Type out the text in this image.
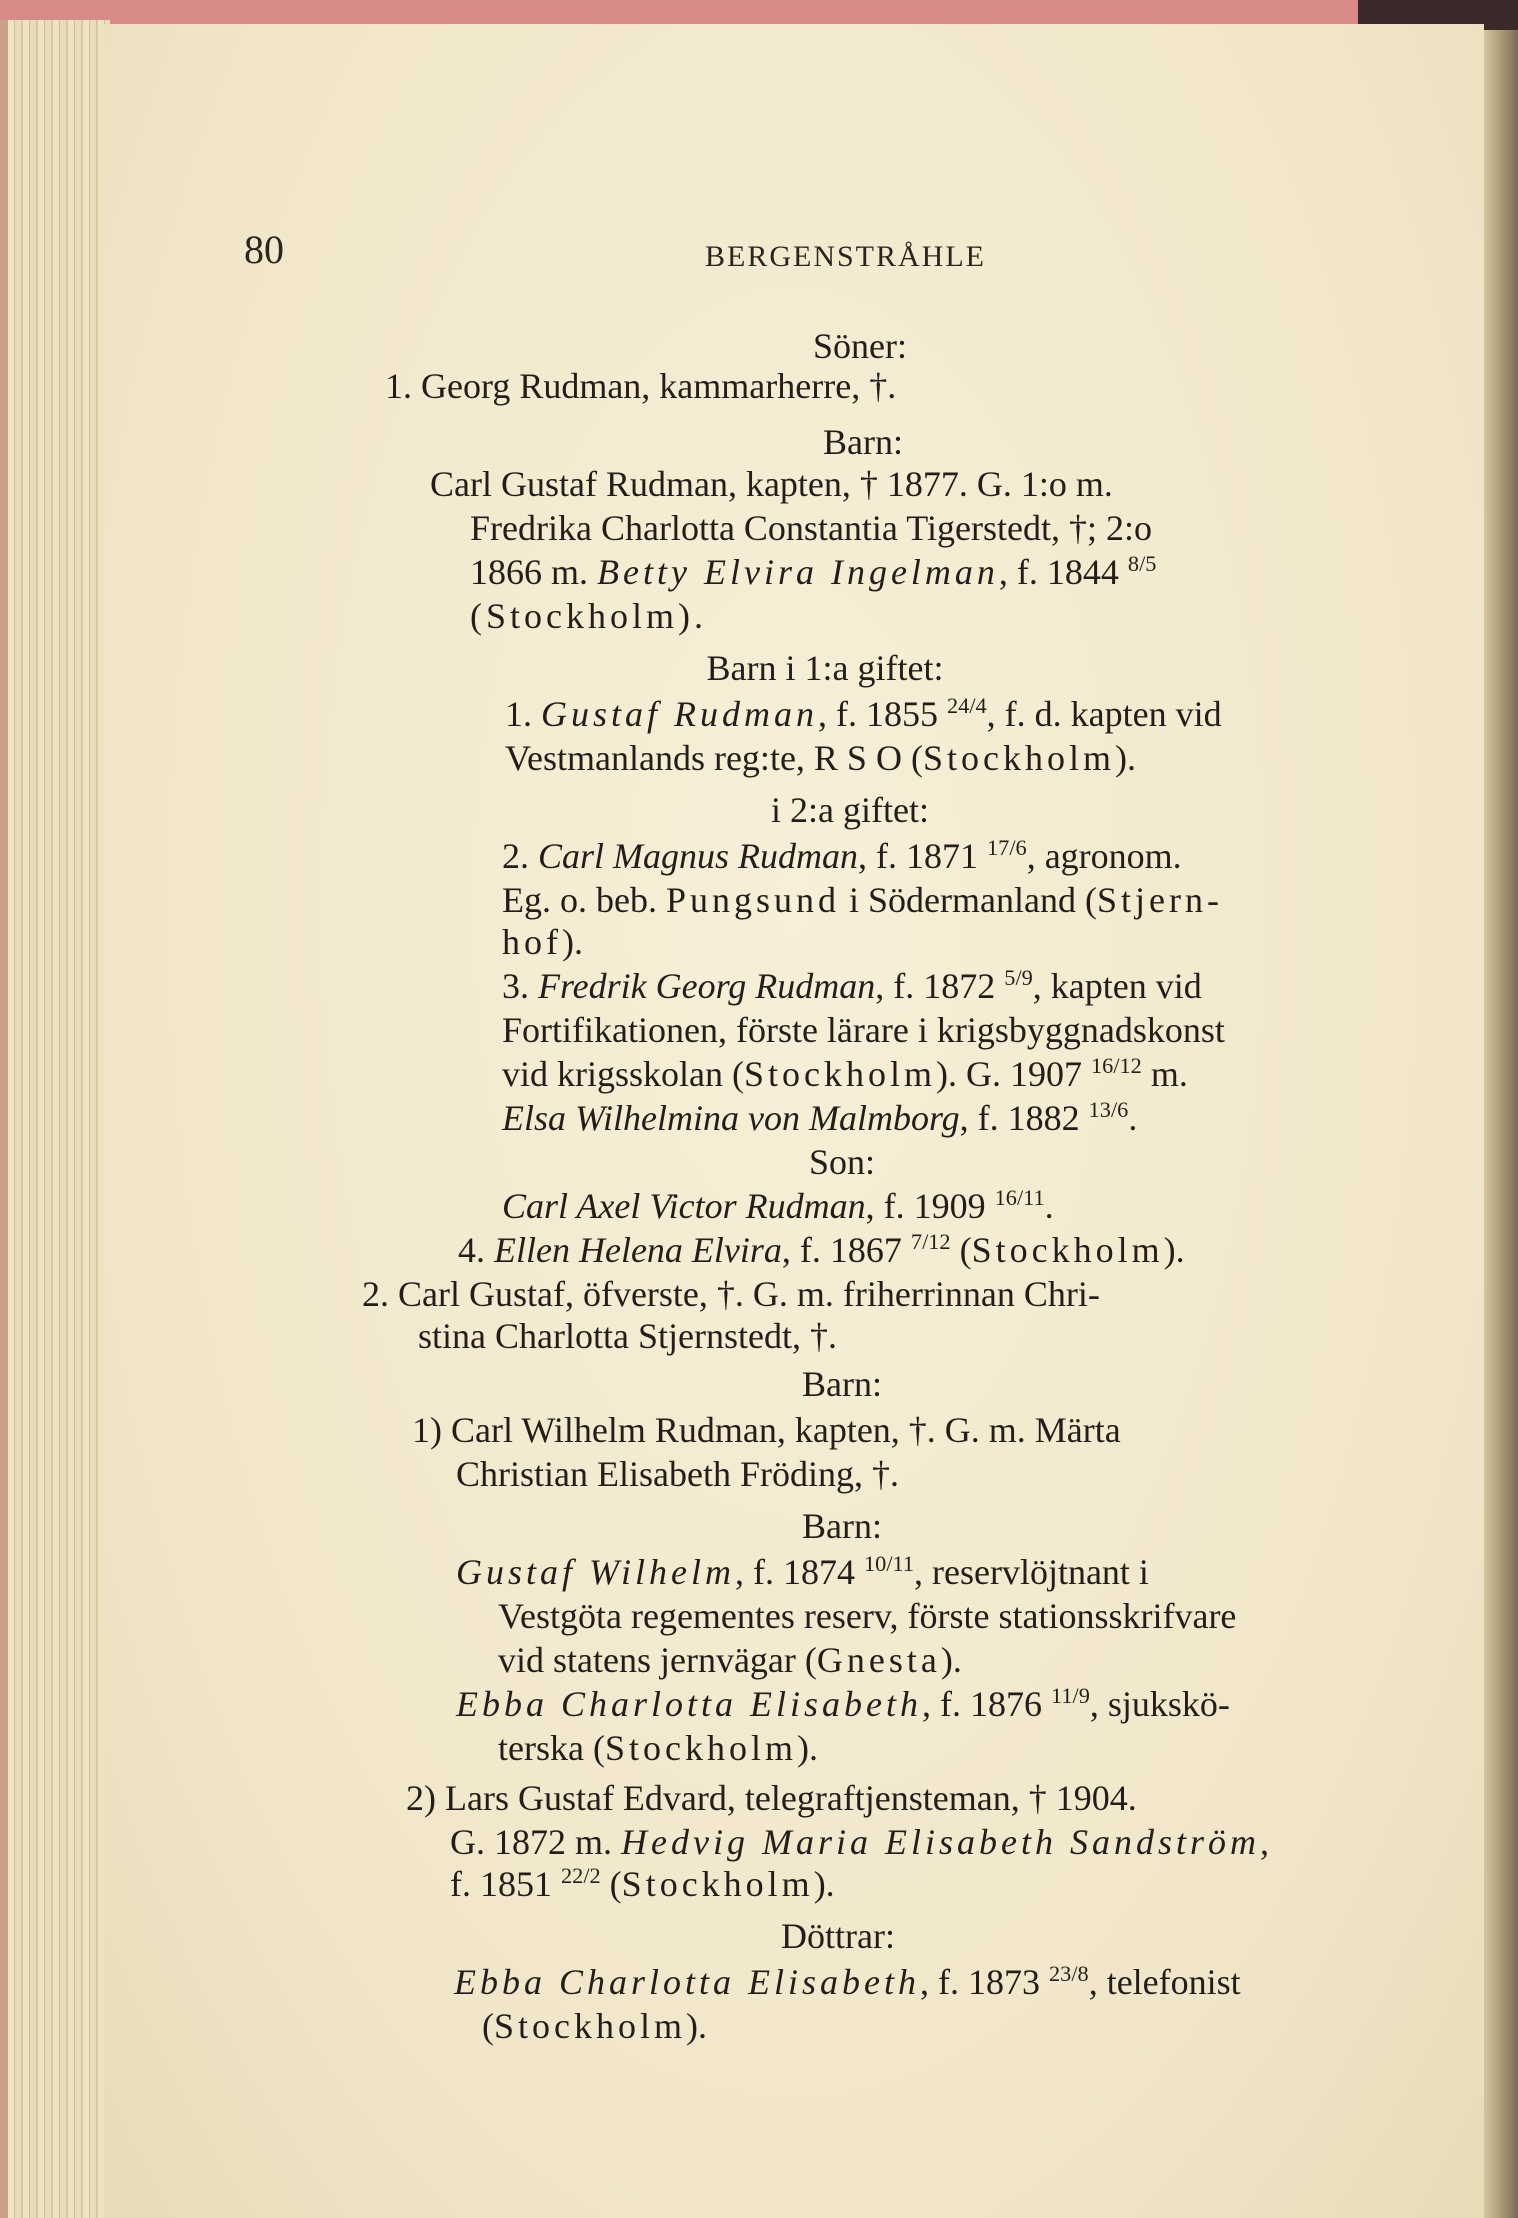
80	BERGENSTRÅHLE
Söner:
1. Georg Rudman, kammarherre, †.
Barn:
Carl Gustaf Rudman, kapten, † 1877. G. 1:o m.
Fredrika Charlotta Constantia Tigerstedt, †; 2:o
1866 m. Betty Elvira Ingelman, f. 1844 $^{8/5}$
(Stockholm).
Barn i 1:a giftet:
1. Gustaf Rudman, f. 1855 $^{24/4}$, f. d. kapten vid
Vestmanlands reg:te, R S O (Stockholm).
i 2:a giftet:
2. Carl Magnus Rudman, f. 1871 $^{17/6}$, agronom.
Eg. o. beb. Pungsund i Södermanland (Stjern-
hof).
3. Fredrik Georg Rudman, f. 1872 $^{5/9}$, kapten vid
Fortifikationen, förste lärare i krigsbyggnadskonst
vid krigsskolan (Stockholm). G. 1907 $^{16/12}$ m.
Elsa Wilhelmina von Malmborg, f. 1882 $^{13/6}$.
Son:
Carl Axel Victor Rudman, f. 1909 $^{16/11}$.
4. Ellen Helena Elvira, f. 1867 $^{7/12}$ (Stockholm).
2. Carl Gustaf, öfverste, †. G. m. friherrinnan Chri-
stina Charlotta Stjernstedt, †.
Barn:
1) Carl Wilhelm Rudman, kapten, †. G. m. Märta
Christian Elisabeth Fröding, †.
Barn:
Gustaf Wilhelm, f. 1874 $^{10/11}$, reservlöjtnant i
Vestgöta regementes reserv, förste stationsskrifvare
vid statens jernvägar (Gnesta).
Ebba Charlotta Elisabeth, f. 1876 $^{11/9}$, sjukskö-
terska (Stockholm).
2) Lars Gustaf Edvard, telegraftjensteman, † 1904.
G. 1872 m. Hedvig Maria Elisabeth Sandström,
f. 1851 $^{22/2}$ (Stockholm).
Döttrar:
Ebba Charlotta Elisabeth, f. 1873 $^{23/8}$, telefonist
(Stockholm).
